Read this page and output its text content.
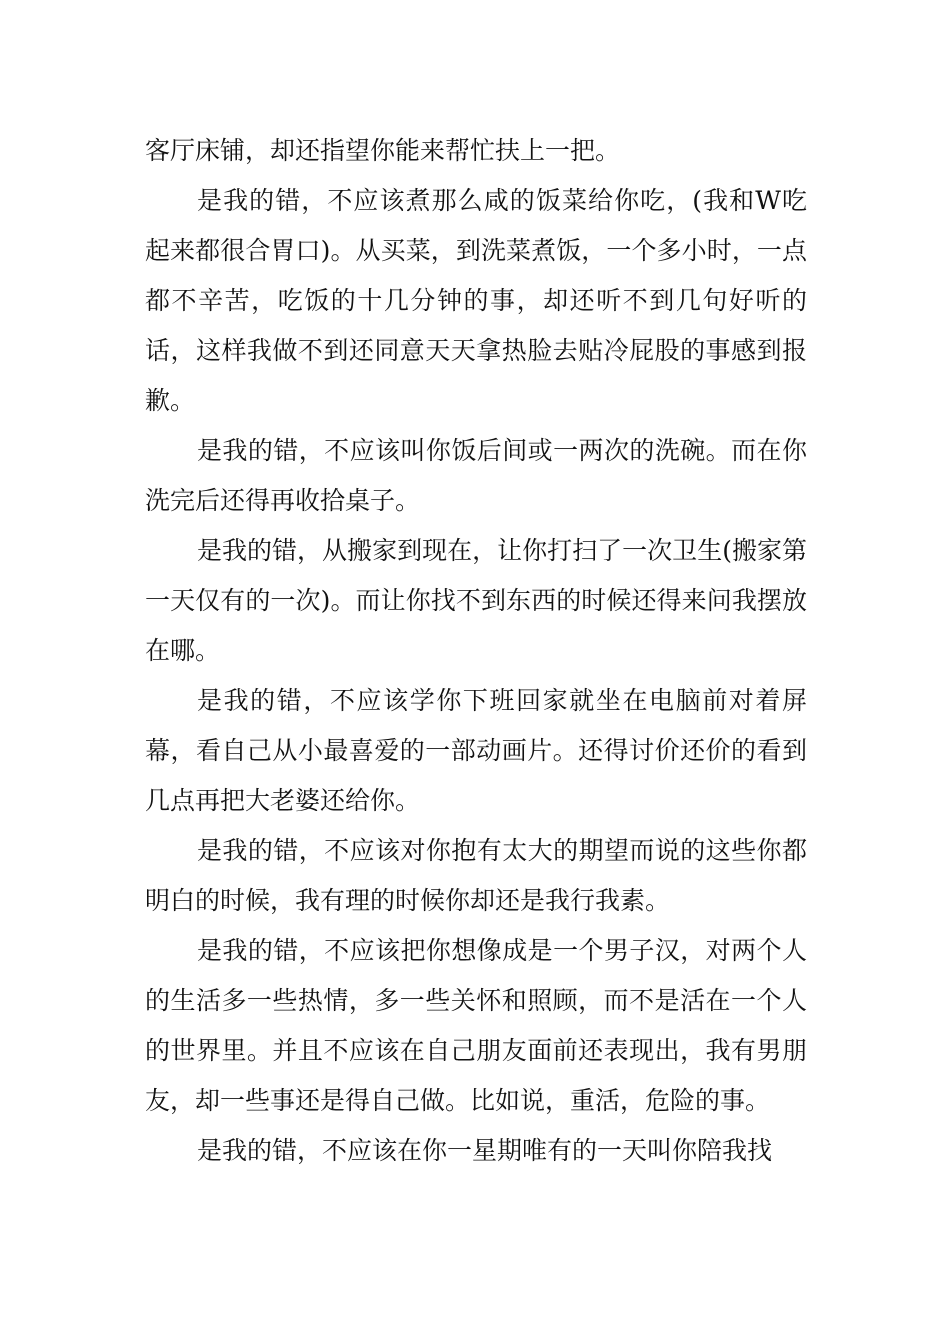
客厅床铺，却还指望你能来帮忙扶上一把。

是我的错，不应该煮那么咸的饭菜给你吃，(我和W吃起来都很合胃口)。从买菜，到洗菜煮饭，一个多小时，一点都不辛苦，吃饭的十几分钟的事，却还听不到几句好听的话，这样我做不到还同意天天拿热脸去贴冷屁股的事感到报歉。

是我的错，不应该叫你饭后间或一两次的洗碗。而在你洗完后还得再收拾桌子。

是我的错，从搬家到现在，让你打扫了一次卫生(搬家第一天仅有的一次)。而让你找不到东西的时候还得来问我摆放在哪。

是我的错，不应该学你下班回家就坐在电脑前对着屏幕，看自己从小最喜爱的一部动画片。还得讨价还价的看到几点再把大老婆还给你。

是我的错，不应该对你抱有太大的期望而说的这些你都明白的时候，我有理的时候你却还是我行我素。

是我的错，不应该把你想像成是一个男子汉，对两个人的生活多一些热情，多一些关怀和照顾，而不是活在一个人的世界里。并且不应该在自己朋友面前还表现出，我有男朋友，却一些事还是得自己做。比如说，重活，危险的事。

是我的错，不应该在你一星期唯有的一天叫你陪我找
